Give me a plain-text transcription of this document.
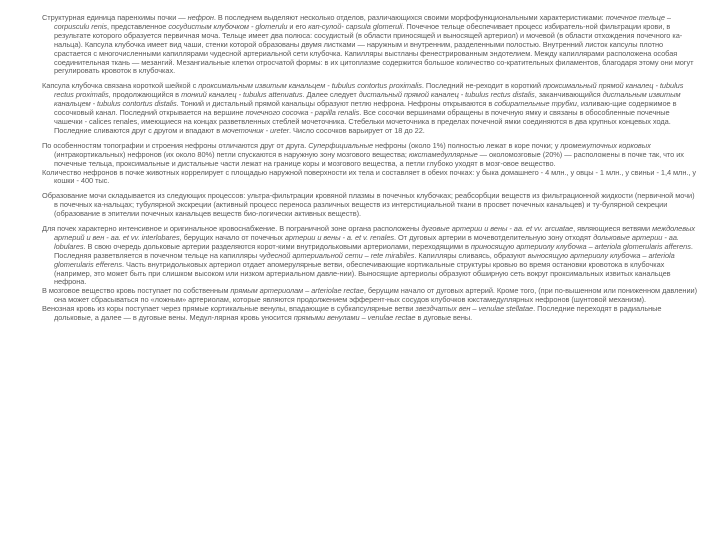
Структурная единица паренхимы почки — нефрон. В последнем выделяют несколько отделов, различающихся своими морфофункциональными характеристиками: почечное тельце – corpusculu renis, представленное сосудистым клубочком - glomerulu и его кап-сулой- capsula glomeruli. Почечное тельце обеспечивает процесс избиратель-ной фильтрации крови, в результате которого образуется первичная моча. Тельце имеет два полюса: сосудистый (в области приносящей и выносящей артериол) и мочевой (в области отхождения почечного ка-нальца). Капсула клубочка имеет вид чаши, стенки которой образованы двумя листками — наружным и внутренним, разделенными полостью. Внутренний листок капсулы плотно срастается с многочисленными капиллярами чудесной артериальной сети клубочка. Капилляры выстланы фенестрированным эндотелием. Между капиллярами расположена особая соединительная ткань — мезангий. Мезангиальные клетки отросчатой формы: в их цитоплазме содержится большое количество со-кратительных филаментов, благодаря этому они могут регулировать кровоток в клубочках.

Капсула клубочка связана короткой шейкой с проксимальным извитым канальцем - tubulus contortus proximalis. Последний не-реходит в короткий проксимальный прямой каналец - tubulus rectus proximalis, продолжающийся в тонкий каналец - tubulus attenuatus. Далее следует дистальный прямой каналец - tubulus rectus distalis, заканчивающийся дистальным извитым канальцем - tubulus contortus distalis. Тонкий и дистальный прямой канальцы образуют петлю нефрона. Нефроны открываются в собирательные трубки, изливаю-щие содержимое в сосочковый канал. Последний открывается на вершине почечного сосочка - papilla renalis. Все сосочки вершинами обращены в почечную ямку и связаны в обособленные почечные чашечки - calices renales, имеющиеся на концах разветвленных стеблей мочеточника. Стебельки мочеточника в пределах почечной ямки соединяются в два крупных концевых хода. Последние сливаются друг с другом и впадают в мочеточник - ureter. Число сосочков варьирует от 18 до 22.

По особенностям топографии и строения нефроны отличаются друг от друга. Суперфициальные нефроны (около 1%) полностью лежат в коре почки; у промежуточных корковых (интракортикальных) нефронов (их около 80%) петли спускаются в наружную зону мозгового вещества; юкстамедуллярные — околомозговые (20%) — расположены в почке так, что их почечные тельца, проксимальные и дистальные части лежат на границе коры и мозгового вещества, а петли глубоко уходят в мозг-овое вещество.

Количество нефронов в почке животных коррелирует с площадью наружной поверхности их тела и составляет в обеих почках: у быка домашнего - 4 млн., у овцы - 1 млн., у свиньи - 1,4 млн., у кошки - 400 тыс.

Образование мочи складывается из следующих процессов: ультра-фильтрации кровяной плазмы в почечных клубочках; реабсорбции веществ из фильтрационной жидкости (первичной мочи) в почечных ка-нальцах; тубулярной экскреции (активный процесс переноса различных веществ из интерстициальной ткани в просвет почечных канальцев) и ту-булярной секреции (образование в эпителии почечных канальцев веществ био-логически активных веществ).

Для почек характерно интенсивное и оригинальное кровоснабжение. В пограничной зоне органа расположены дуговые артерии и вены - aa. et vv. arcuatae, являющиеся ветвями междолевых артерий и вен - aa. et vv. interlobares, берущих начало от почечных артерии и вены - a. et v. renales. От дуговых артерии в мочевотделительную зону отходят дольковые артерии - aa. lobulares. В свою очередь дольковые артерии разделяются корот-кими внутридольковыми артериолами, переходящими в приносящую артериолу клубочка – arteriola glomerularis afferens. Последняя разветвляется в почечном тельце на капилляры чудесной артериальной сети – rete mirabiles. Капилляры сливаясь, образуют выносящую артериолу клубочка – arteriola glomerularis efferens. Часть внутридольковых артериол отдает апомерулярные ветви, обеспечивающие кортикальные структуры кровью во время остановки кровотока в клубочках (например, это может быть при слишком высоком или низком артериальном давле-нии). Выносящие артериолы образуют обширную сеть вокруг проксимальных извитых канальцев нефрона.

В мозговое вещество кровь поступает по собственным прямым артериолам – arteriolae rectae, берущим начало от дуговых артерий. Кроме того, (при по-вышенном или пониженном давлении) она может сбрасываться по «ложным» артериолам, которые являются продолжением эфферент-ных сосудов клубочков юкстамедуллярных нефронов (шунтовой механизм).

Венозная кровь из коры поступает через прямые кортикальные венулы, впадающие в субкапсулярные ветви звездчатых вен – venulae stellatae. Последние переходят в радиальные дольковые, а далее — в дуговые вены. Медул-лярная кровь уносится прямыми венулами – venulae rectae в дуговые вены.
